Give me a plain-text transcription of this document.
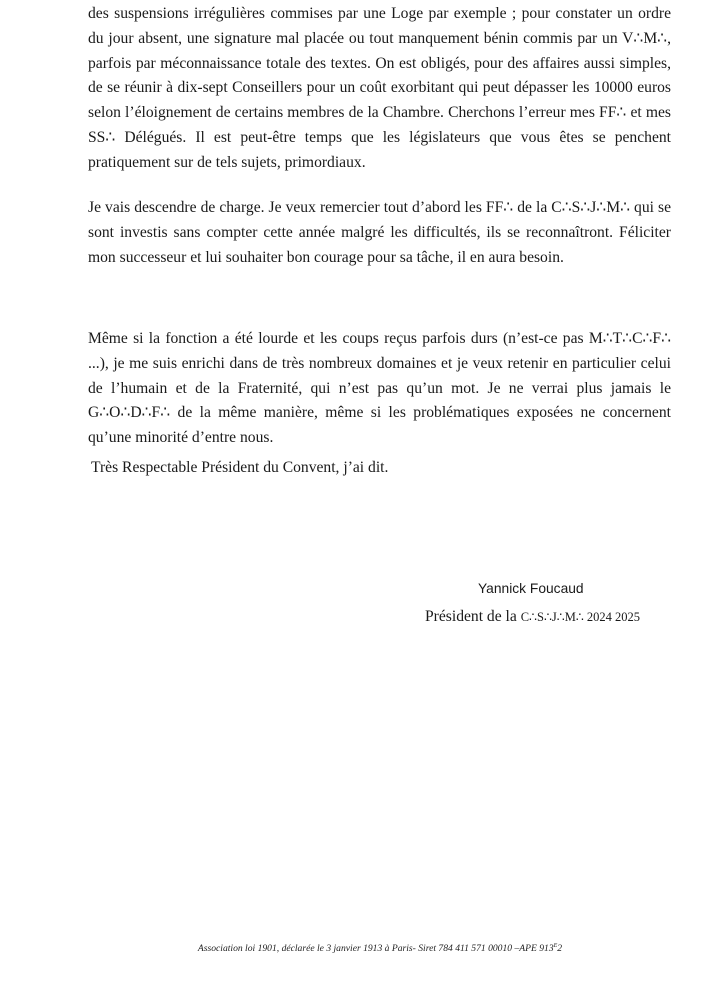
des suspensions irrégulières commises par une Loge par exemple ; pour constater un ordre du jour absent, une signature mal placée ou tout manquement bénin commis par un V∴M∴, parfois par méconnaissance totale des textes. On est obligés, pour des affaires aussi simples, de se réunir à dix-sept Conseillers pour un coût exorbitant qui peut dépasser les 10000 euros selon l’éloignement de certains membres de la Chambre. Cherchons l’erreur mes FF∴ et mes SS∴ Délégués. Il est peut-être temps que les législateurs que vous êtes se penchent pratiquement sur de tels sujets, primordiaux.

Je vais descendre de charge. Je veux remercier tout d’abord les FF∴ de la C∴S∴J∴M∴ qui se sont investis sans compter cette année malgré les difficultés, ils se reconnaîtront. Féliciter mon successeur et lui souhaiter bon courage pour sa tâche, il en aura besoin.

Même si la fonction a été lourde et les coups reçus parfois durs (n’est-ce pas M∴T∴C∴F∴ ...), je me suis enrichi dans de très nombreux domaines et je veux retenir en particulier celui de l’humain et de la Fraternité, qui n’est pas qu’un mot. Je ne verrai plus jamais le G∴O∴D∴F∴ de la même manière, même si les problématiques exposées ne concernent qu’une minorité d’entre nous.

Très Respectable Président du Convent, j’ai dit.

Yannick Foucaud
Président de la C∴S∴J∴M∴ 2024 2025
Association loi 1901, déclarée le 3 janvier 1913 à Paris- Siret 784 411 571 00010 –APE $913^E2$
